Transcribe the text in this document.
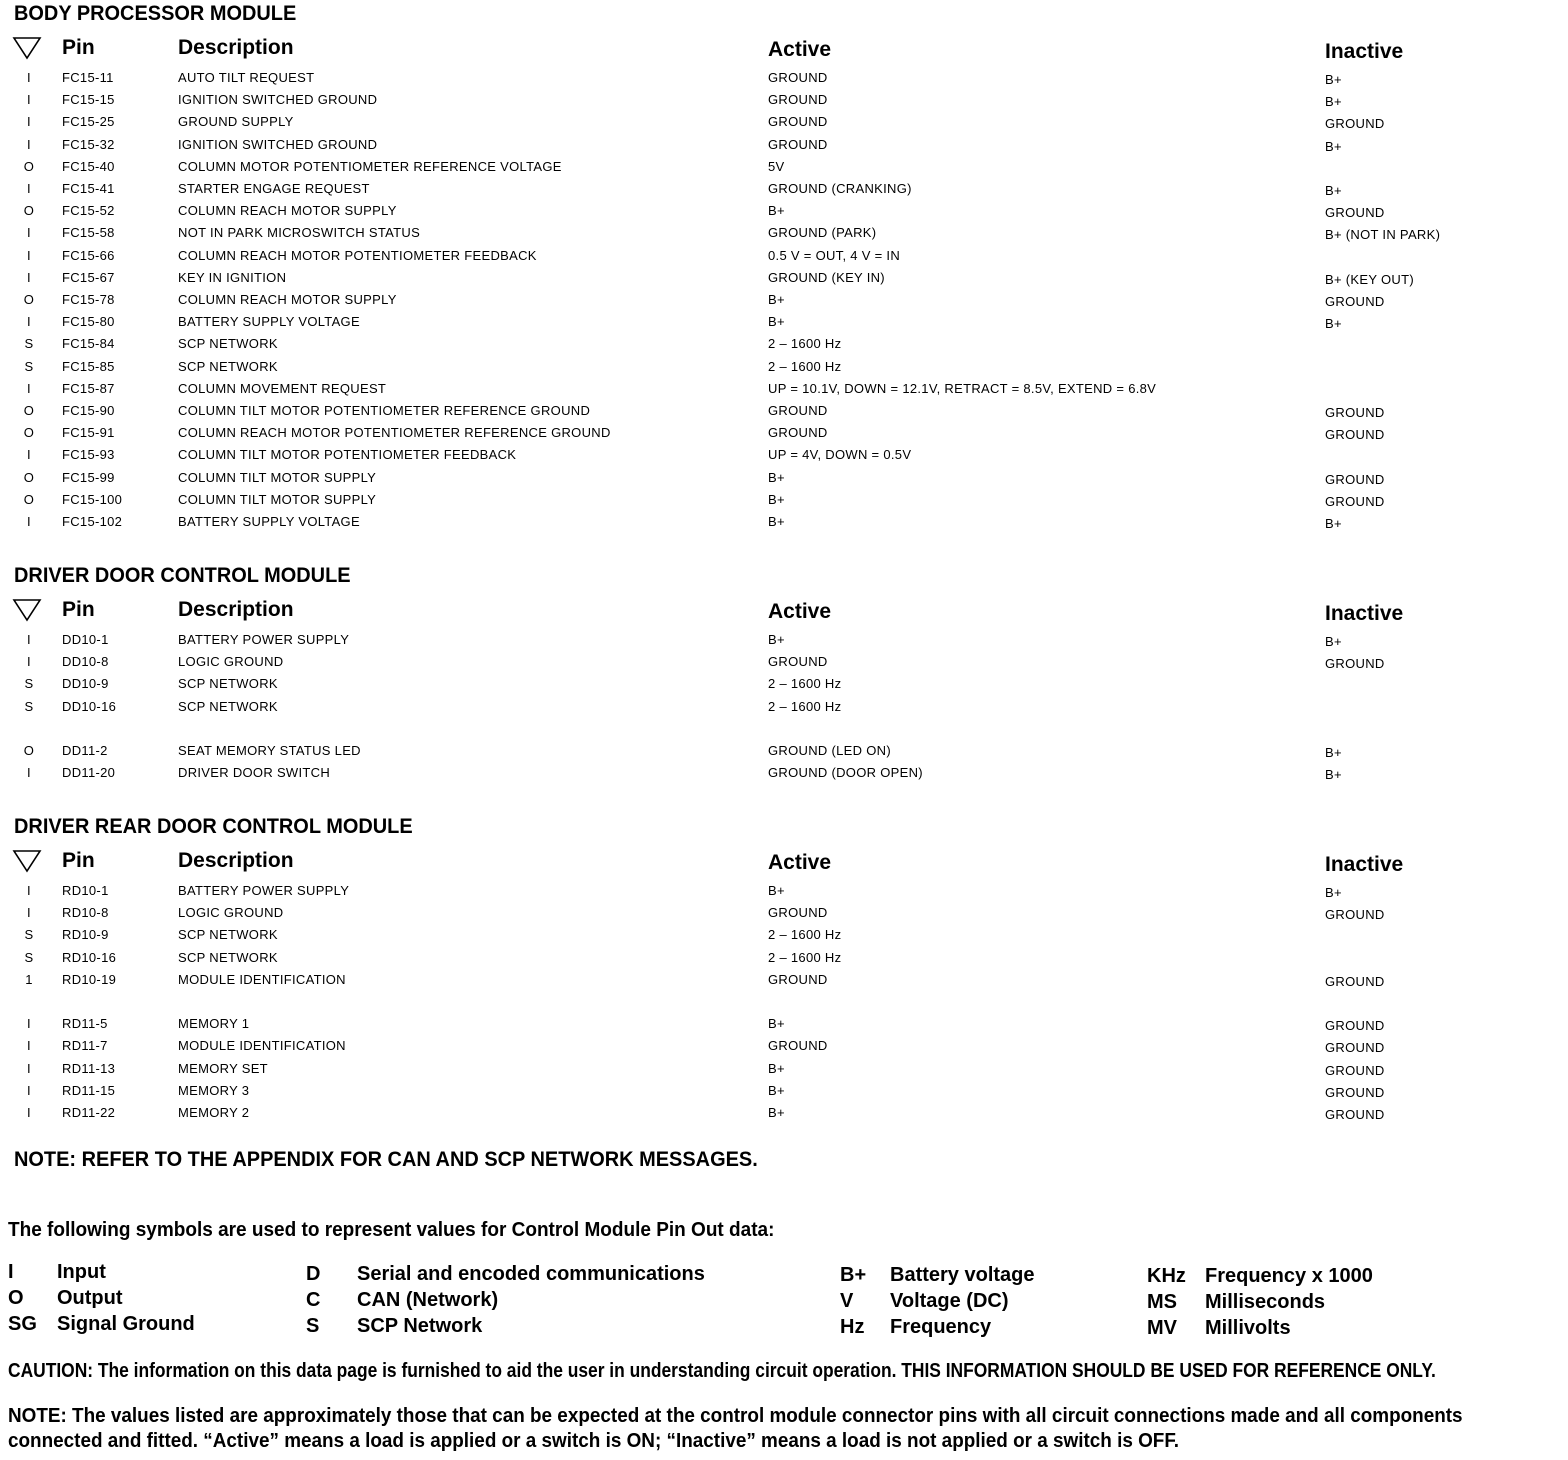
BODY PROCESSOR MODULE
Pin	Description	Active	Inactive
I	FC15-11	AUTO TILT REQUEST	GROUND	B+
I	FC15-15	IGNITION SWITCHED GROUND	GROUND	B+
I	FC15-25	GROUND SUPPLY	GROUND	GROUND
I	FC15-32	IGNITION SWITCHED GROUND	GROUND	B+
O FC15-40	COLUMN MOTOR POTENTIOMETER REFERENCE VOLTAGE	5V
I	FC15-41	STARTER ENGAGE REQUEST	GROUND (CRANKING)	B+
O FC15-52	COLUMN REACH MOTOR SUPPLY	B+	GROUND
I	FC15-58	NOT IN PARK MICROSWITCH STATUS	GROUND (PARK)	B+ (NOT IN PARK)
I	FC15-66	COLUMN REACH MOTOR POTENTIOMETER FEEDBACK	0.5 V = OUT, 4 V = IN
I	FC15-67	KEY IN IGNITION	GROUND (KEY IN)	B+ (KEY OUT)
O FC15-78	COLUMN REACH MOTOR SUPPLY	B+	GROUND
I	FC15-80	BATTERY SUPPLY VOLTAGE	B+	B+
S FC15-84	SCP NETWORK	2 – 1600 Hz
S FC15-85	SCP NETWORK	2 – 1600 Hz
I	FC15-87	COLUMN MOVEMENT REQUEST	UP = 10.1V, DOWN = 12.1V, RETRACT = 8.5V, EXTEND = 6.8V
O FC15-90	COLUMN TILT MOTOR POTENTIOMETER REFERENCE GROUND	GROUND	GROUND
O FC15-91	COLUMN REACH MOTOR POTENTIOMETER REFERENCE GROUND	GROUND	GROUND
I	FC15-93	COLUMN TILT MOTOR POTENTIOMETER FEEDBACK	UP = 4V, DOWN = 0.5V
O FC15-99	COLUMN TILT MOTOR SUPPLY	B+	GROUND
O FC15-100	COLUMN TILT MOTOR SUPPLY	B+	GROUND
I	FC15-102	BATTERY SUPPLY VOLTAGE	B+	B+
DRIVER DOOR CONTROL MODULE
Pin	Description	Active	Inactive
I	DD10-1	BATTERY POWER SUPPLY	B+	B+
I	DD10-8	LOGIC GROUND	GROUND	GROUND
S DD10-9	SCP NETWORK	2 – 1600 Hz
S DD10-16	SCP NETWORK	2 – 1600 Hz
O DD11-2	SEAT MEMORY STATUS LED	GROUND (LED ON)	B+
I	DD11-20	DRIVER DOOR SWITCH	GROUND (DOOR OPEN)	B+
DRIVER REAR DOOR CONTROL MODULE
Pin	Description	Active	Inactive
I	RD10-1	BATTERY POWER SUPPLY	B+	B+
I	RD10-8	LOGIC GROUND	GROUND	GROUND
S RD10-9	SCP NETWORK	2 – 1600 Hz
S RD10-16	SCP NETWORK	2 – 1600 Hz
1 RD10-19	MODULE IDENTIFICATION	GROUND	GROUND
I	RD11-5	MEMORY 1	B+	GROUND
I	RD11-7	MODULE IDENTIFICATION	GROUND	GROUND
I	RD11-13	MEMORY SET	B+	GROUND
I	RD11-15	MEMORY 3	B+	GROUND
I	RD11-22	MEMORY 2	B+	GROUND
NOTE: REFER TO THE APPENDIX FOR CAN AND SCP NETWORK MESSAGES.
The following symbols are used to represent values for Control Module Pin Out data:
I Input
O Output
SG Signal Ground
D Serial and encoded communications
C CAN (Network)
S SCP Network
B+ Battery voltage
V Voltage (DC)
Hz Frequency
KHz Frequency x 1000
MS Milliseconds
MV Millivolts
CAUTION: The information on this data page is furnished to aid the user in understanding circuit operation. THIS INFORMATION SHOULD BE USED FOR REFERENCE ONLY.
NOTE: The values listed are approximately those that can be expected at the control module connector pins with all circuit connections made and all components connected and fitted. “Active” means a load is applied or a switch is ON; “Inactive” means a load is not applied or a switch is OFF.
